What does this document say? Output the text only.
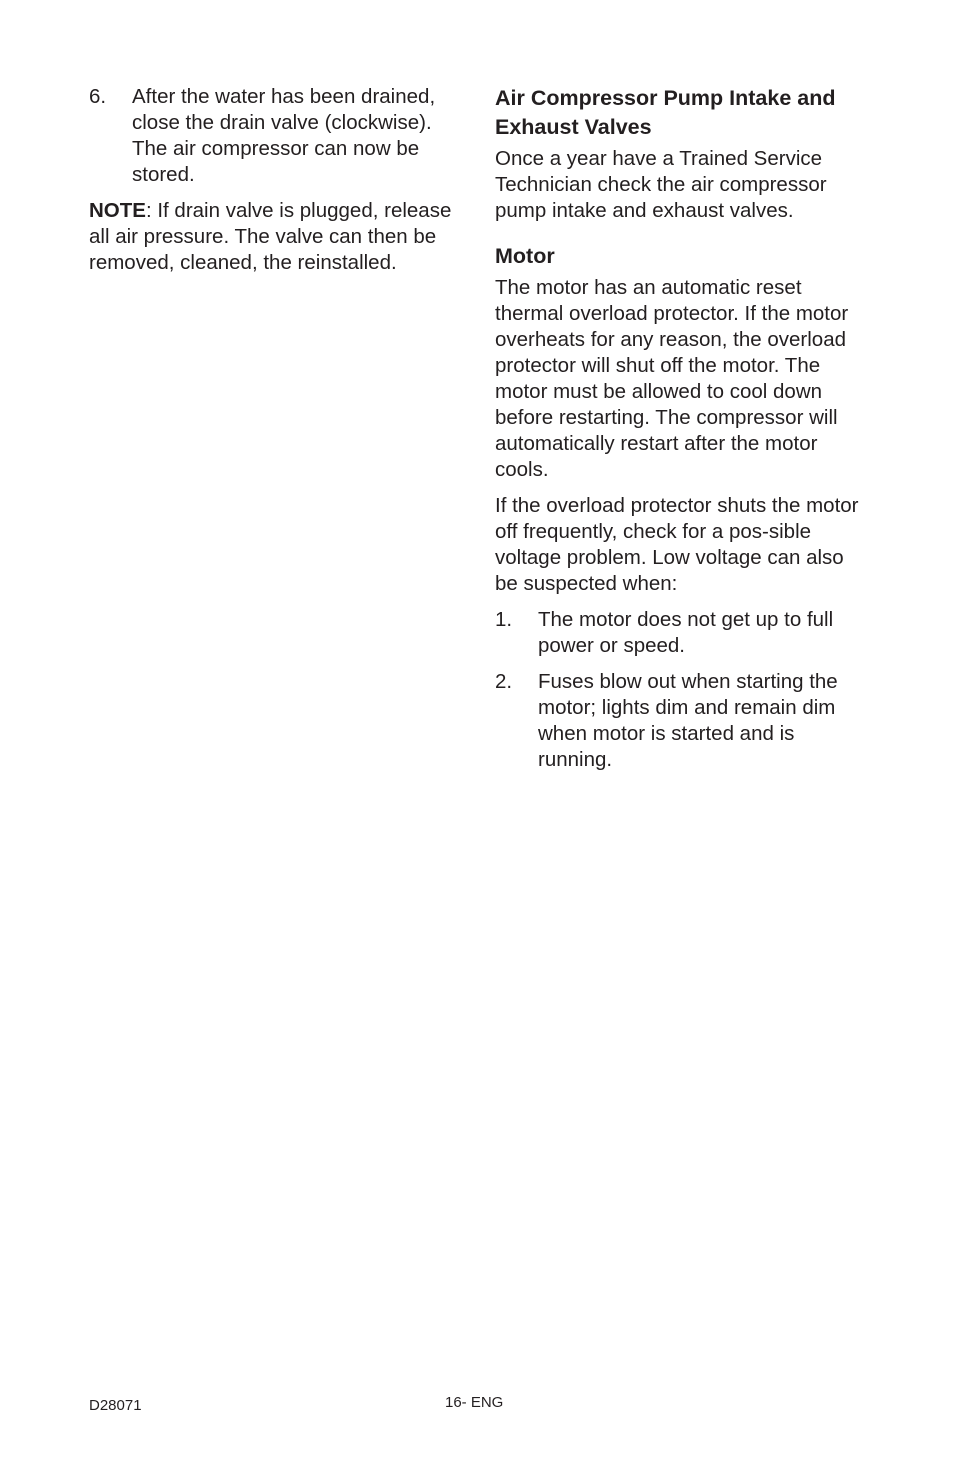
6.	After the water has been drained, close the drain valve (clockwise). The air compressor can now be stored.

NOTE: If drain valve is plugged, release all air pressure. The valve can then be removed, cleaned, the reinstalled.

Air Compressor Pump Intake and Exhaust Valves

Once a year have a Trained Service Technician check the air compressor pump intake and exhaust valves.

Motor

The motor has an automatic reset thermal overload protector. If the motor overheats for any reason, the overload protector will shut off the motor. The motor must be allowed to cool down before restarting. The compressor will automatically restart after the motor cools.

If the overload protector shuts the motor off frequently, check for a pos-sible voltage problem. Low voltage can also be suspected when:

1.	The motor does not get up to full power or speed.
2.	Fuses blow out when starting the motor; lights dim and remain dim when motor is started and is running.
D28071	16- ENG
